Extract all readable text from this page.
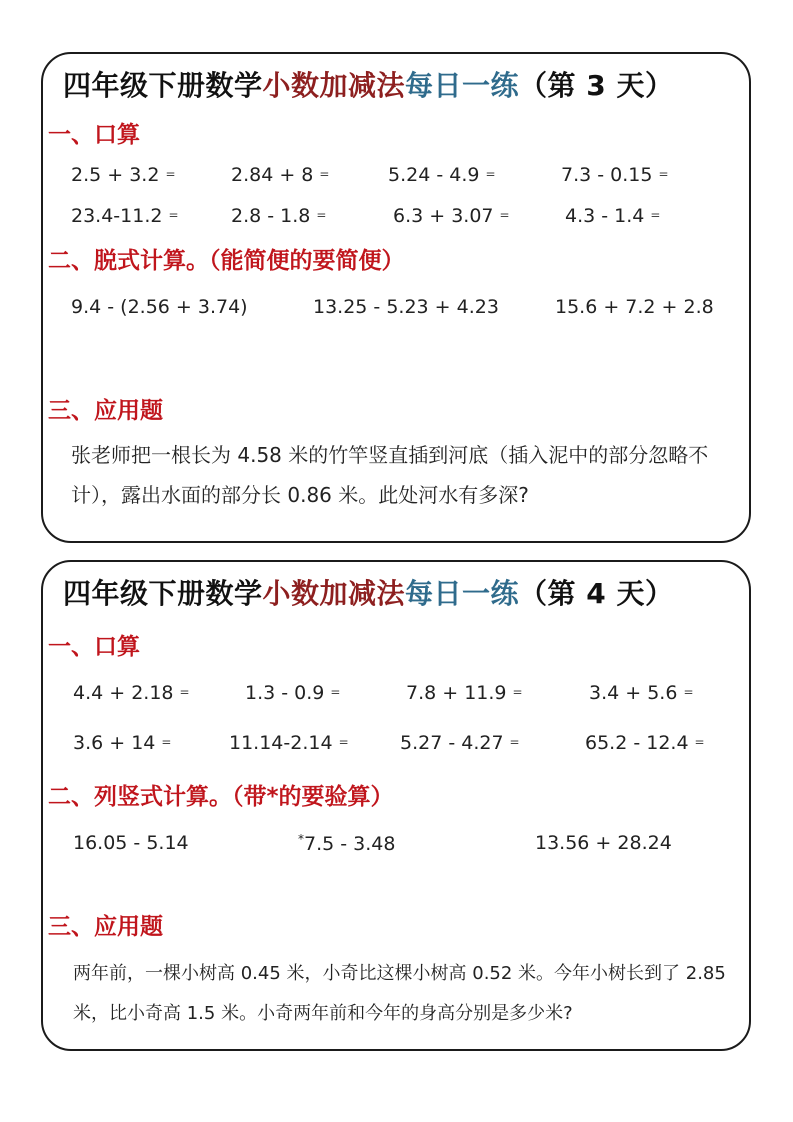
四年级下册数学小数加减法每日一练（第 3 天）
一、口算
2.5 + 3.2 =	2.84 + 8 =	5.24 - 4.9 =	7.3 - 0.15 =
23.4-11.2 =	2.8 - 1.8 =	6.3 + 3.07 =	4.3 - 1.4 =
二、脱式计算。（能简便的要简便）
9.4 - (2.56 + 3.74)	13.25 - 5.23 + 4.23	15.6 + 7.2 + 2.8
三、应用题
张老师把一根长为 4.58 米的竹竿竖直插到河底（插入泥中的部分忽略不计），露出水面的部分长 0.86 米。此处河水有多深?
四年级下册数学小数加减法每日一练（第 4 天）
一、口算
4.4 + 2.18 =	1.3 - 0.9 =	7.8 + 11.9 =	3.4 + 5.6 =
3.6 + 14 =	11.14-2.14 =	5.27 - 4.27 =	65.2 - 12.4 =
二、列竖式计算。（带*的要验算）
16.05 - 5.14	*7.5 - 3.48	13.56 + 28.24
三、应用题
两年前，一棵小树高 0.45 米，小奇比这棵小树高 0.52 米。今年小树长到了 2.85 米，比小奇高 1.5 米。小奇两年前和今年的身高分别是多少米?
